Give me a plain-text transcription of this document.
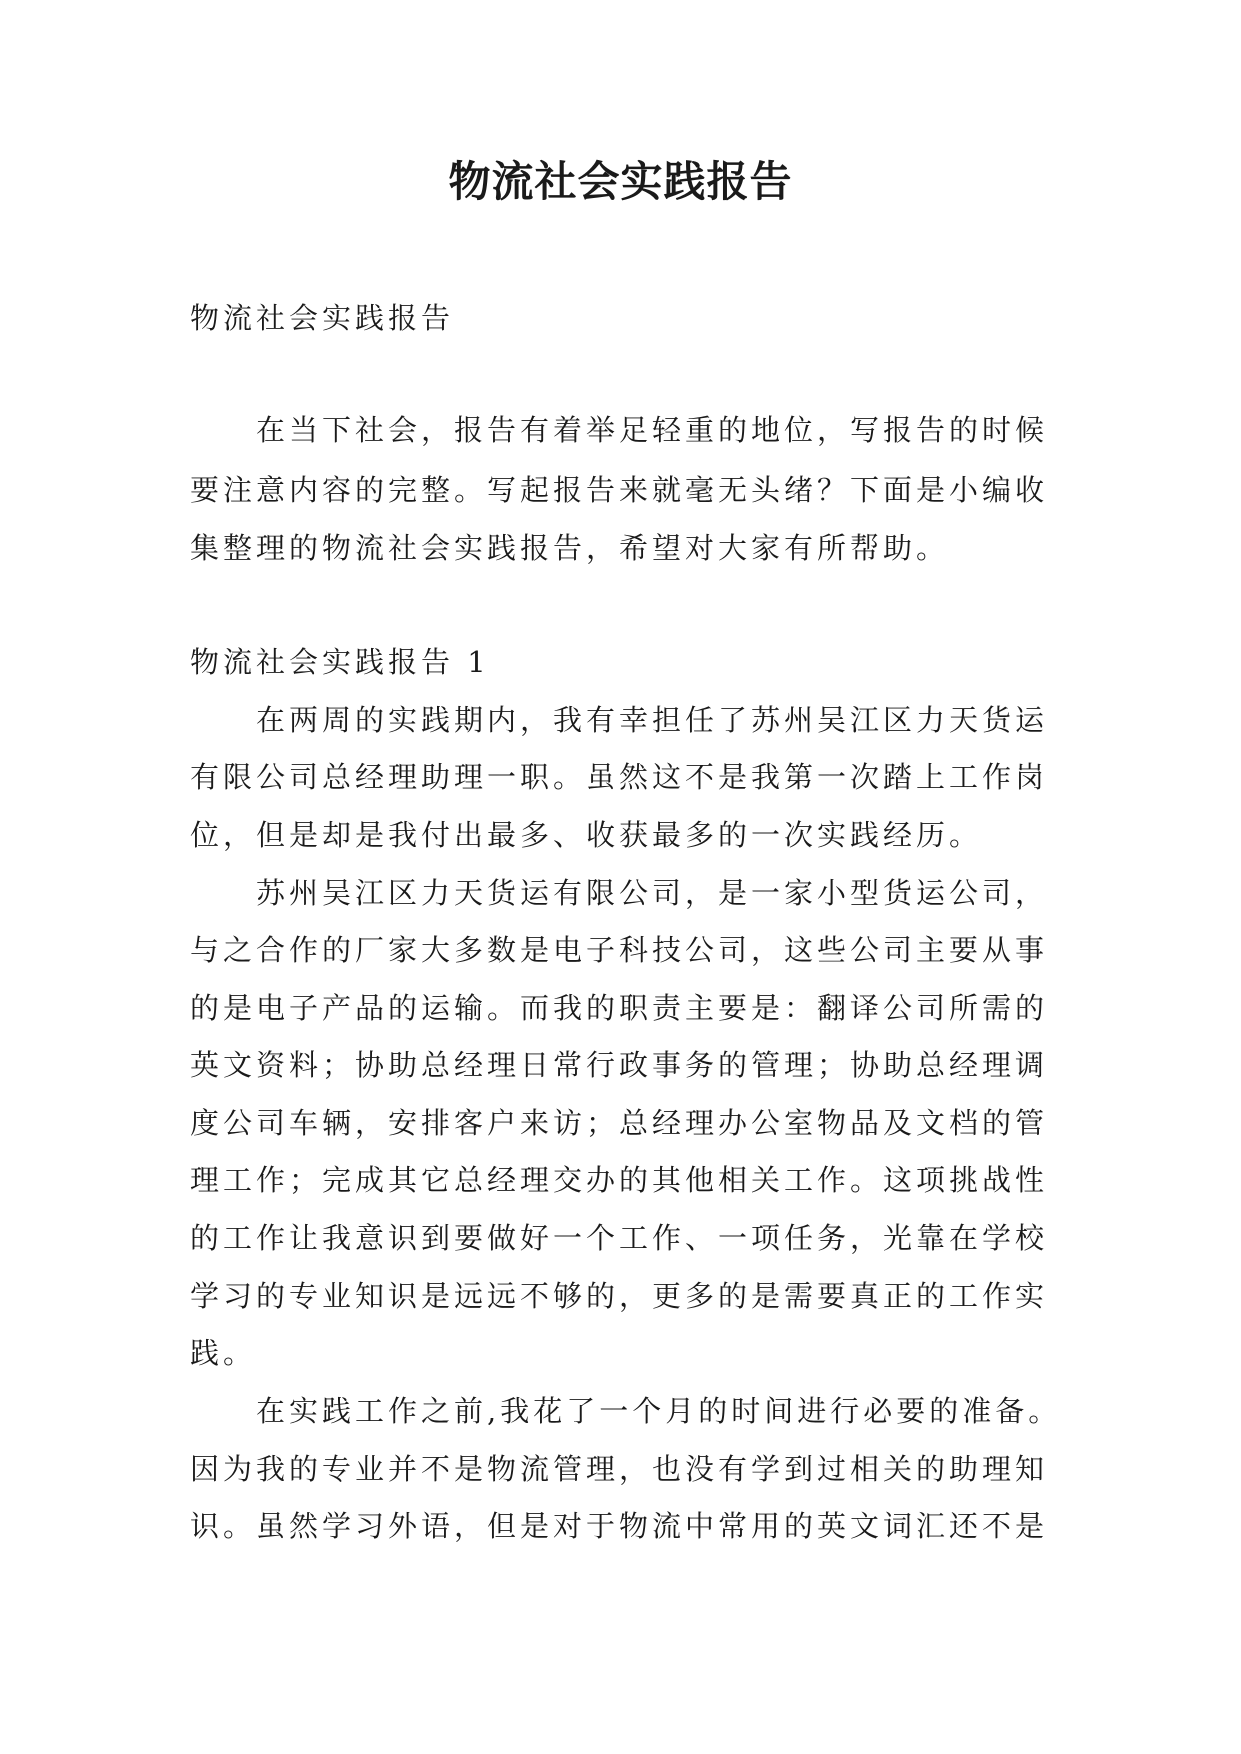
物流社会实践报告
物流社会实践报告
在当下社会，报告有着举足轻重的地位，写报告的时候
要注意内容的完整。写起报告来就毫无头绪？下面是小编收
集整理的物流社会实践报告，希望对大家有所帮助。
物流社会实践报告 1
在两周的实践期内，我有幸担任了苏州吴江区力天货运
有限公司总经理助理一职。虽然这不是我第一次踏上工作岗
位，但是却是我付出最多、收获最多的一次实践经历。
苏州吴江区力天货运有限公司，是一家小型货运公司，
与之合作的厂家大多数是电子科技公司，这些公司主要从事
的是电子产品的运输。而我的职责主要是：翻译公司所需的
英文资料；协助总经理日常行政事务的管理；协助总经理调
度公司车辆，安排客户来访；总经理办公室物品及文档的管
理工作；完成其它总经理交办的其他相关工作。这项挑战性
的工作让我意识到要做好一个工作、一项任务，光靠在学校
学习的专业知识是远远不够的，更多的是需要真正的工作实
践。
在实践工作之前,我花了一个月的时间进行必要的准备。
因为我的专业并不是物流管理，也没有学到过相关的助理知
识。虽然学习外语，但是对于物流中常用的英文词汇还不是
